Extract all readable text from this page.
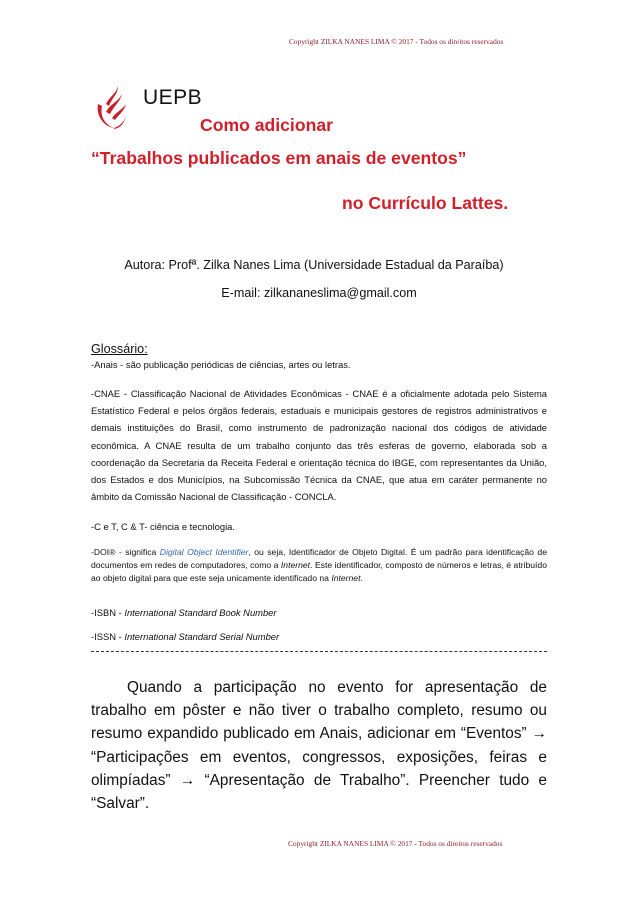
Copyright ZILKA NANES LIMA © 2017 - Todos os direitos reservados
UEPB
Como adicionar
“Trabalhos publicados em anais de eventos”
no Currículo Lattes.
Autora: Profª. Zilka Nanes Lima (Universidade Estadual da Paraíba)
E-mail: zilkananeslima@gmail.com
Glossário:
-Anais - são publicação periódicas de ciências, artes ou letras.
-CNAE - Classificação Nacional de Atividades Econômicas - CNAE é a oficialmente adotada pelo Sistema Estatístico Federal e pelos órgãos federais, estaduais e municipais gestores de registros administrativos e demais instituições do Brasil, como instrumento de padronização nacional dos códigos de atividade econômica. A CNAE resulta de um trabalho conjunto das três esferas de governo, elaborada sob a coordenação da Secretaria da Receita Federal e orientação técnica do IBGE, com representantes da União, dos Estados e dos Municípios, na Subcomissão Técnica da CNAE, que atua em caráter permanente no âmbito da Comissão Nacional de Classificação - CONCLA.
-C e T, C & T- ciência e tecnologia.
-DOI® - significa Digital Object Identifier, ou seja, Identificador de Objeto Digital. É um padrão para identificação de documentos em redes de computadores, como a Internet. Este identificador, composto de números e letras, é atribuído ao objeto digital para que este seja unicamente identificado na Internet.
-ISBN - International Standard Book Number
-ISSN - International Standard Serial Number
Quando a participação no evento for apresentação de trabalho em pôster e não tiver o trabalho completo, resumo ou resumo expandido publicado em Anais, adicionar em “Eventos” → “Participações em eventos, congressos, exposições, feiras e olimpíadas” → “Apresentação de Trabalho”. Preencher tudo e “Salvar”.
Copyright ZILKA NANES LIMA © 2017 - Todos os direitos reservados
